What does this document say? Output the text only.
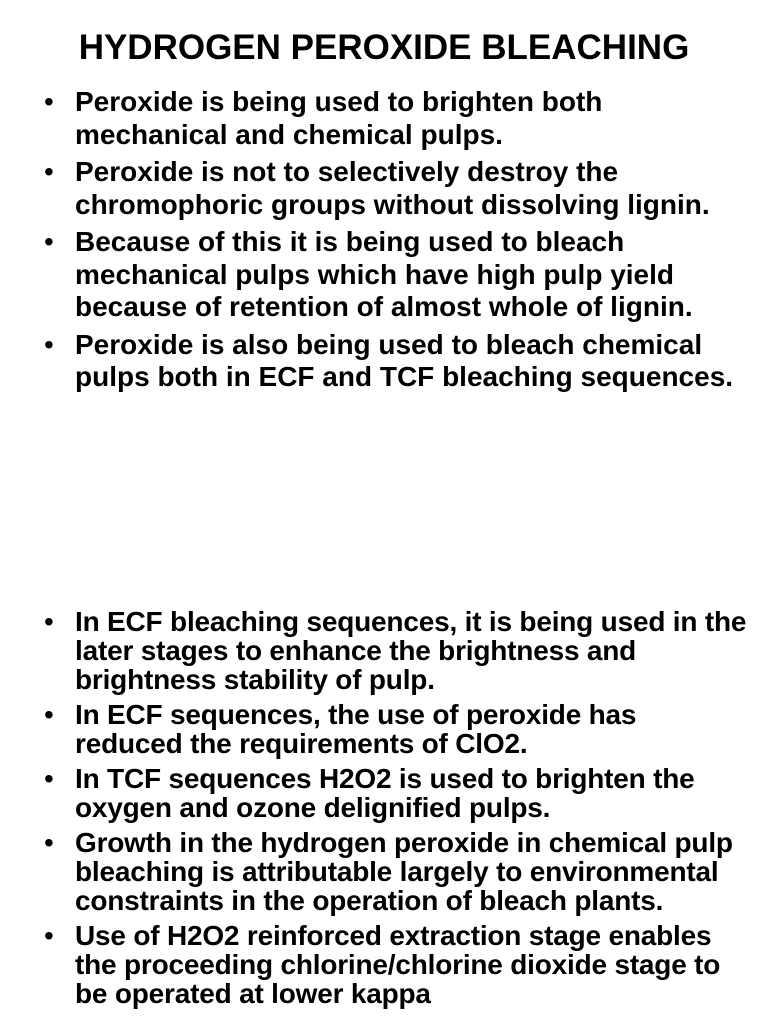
HYDROGEN PEROXIDE BLEACHING
• Peroxide is being used to brighten both mechanical and chemical pulps.
• Peroxide is not to selectively destroy the chromophoric groups without dissolving lignin.
• Because of this it is being used to bleach mechanical pulps which have high pulp yield because of retention of almost whole of lignin.
• Peroxide is also being used to bleach chemical pulps both in ECF and TCF bleaching sequences.
• In ECF bleaching sequences, it is being used in the later stages to enhance the brightness and brightness stability of pulp.
• In ECF sequences, the use of peroxide has reduced the requirements of ClO2.
• In TCF sequences H2O2 is used to brighten the oxygen and ozone delignified pulps.
• Growth in the hydrogen peroxide in chemical pulp bleaching is attributable largely to environmental constraints in the operation of bleach plants.
• Use of H2O2 reinforced extraction stage enables the proceeding chlorine/chlorine dioxide stage to be operated at lower kappa
